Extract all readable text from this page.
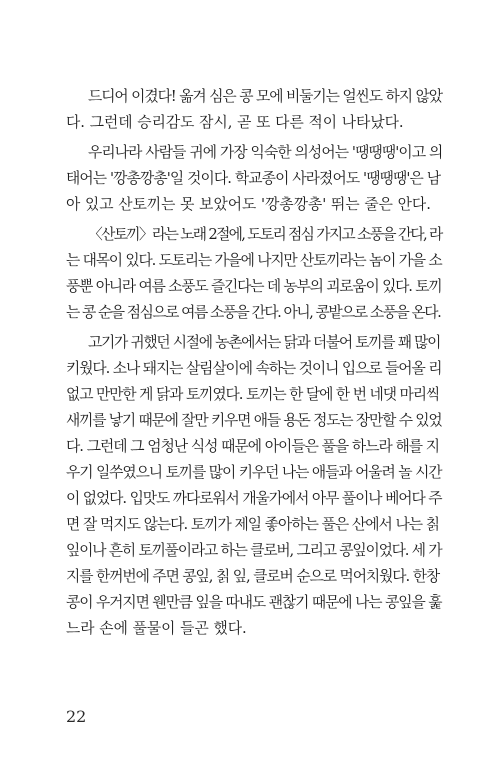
드디어 이겼다! 옮겨 심은 콩 모에 비둘기는 얼씬도 하지 않았
다. 그런데 승리감도 잠시, 곧 또 다른 적이 나타났다.
우리나라 사람들 귀에 가장 익숙한 의성어는 '땡땡땡'이고 의
태어는 '깡총깡총'일 것이다. 학교종이 사라졌어도 '땡땡땡'은 남
아 있고 산토끼는 못 보았어도 '깡총깡총' 뛰는 줄은 안다.
〈산토끼〉라는 노래 2절에, 도토리 점심 가지고 소풍을 간다, 라
는 대목이 있다. 도토리는 가을에 나지만 산토끼라는 놈이 가을 소
풍뿐 아니라 여름 소풍도 즐긴다는 데 농부의 괴로움이 있다. 토끼
는 콩 순을 점심으로 여름 소풍을 간다. 아니, 콩밭으로 소풍을 온다.
고기가 귀했던 시절에 농촌에서는 닭과 더불어 토끼를 꽤 많이
키웠다. 소나 돼지는 살림살이에 속하는 것이니 입으로 들어올 리
없고 만만한 게 닭과 토끼였다. 토끼는 한 달에 한 번 네댓 마리씩
새끼를 낳기 때문에 잘만 키우면 애들 용돈 정도는 장만할 수 있었
다. 그런데 그 엄청난 식성 때문에 아이들은 풀을 하느라 해를 지
우기 일쑤였으니 토끼를 많이 키우던 나는 애들과 어울려 놀 시간
이 없었다. 입맛도 까다로워서 개울가에서 아무 풀이나 베어다 주
면 잘 먹지도 않는다. 토끼가 제일 좋아하는 풀은 산에서 나는 칡
잎이나 흔히 토끼풀이라고 하는 클로버, 그리고 콩잎이었다. 세 가
지를 한꺼번에 주면 콩잎, 칡 잎, 클로버 순으로 먹어치웠다. 한창
콩이 우거지면 웬만큼 잎을 따내도 괜찮기 때문에 나는 콩잎을 훑
느라 손에 풀물이 들곤 했다.
22
